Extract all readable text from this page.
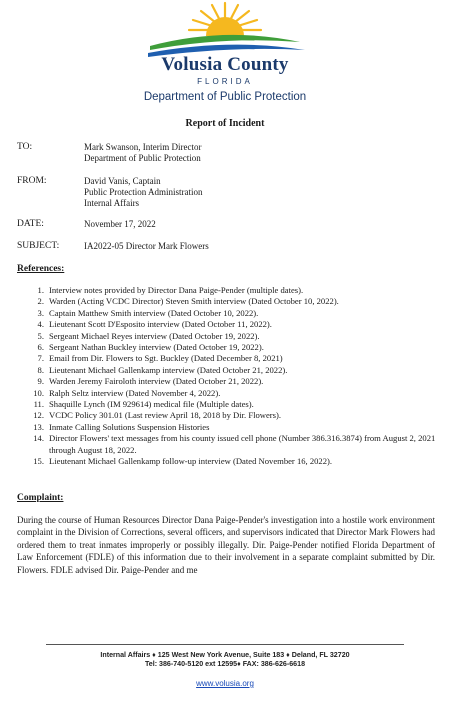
Volusia County
FLORIDA
Department of Public Protection
Report of Incident
TO:	Mark Swanson, Interim Director
Department of Public Protection
FROM:	David Vanis, Captain
Public Protection Administration
Internal Affairs
DATE:	November 17, 2022
SUBJECT:	IA2022-05 Director Mark Flowers
References:
1. Interview notes provided by Director Dana Paige-Pender (multiple dates).
2. Warden (Acting VCDC Director) Steven Smith interview (Dated October 10, 2022).
3. Captain Matthew Smith interview (Dated October 10, 2022).
4. Lieutenant Scott D'Esposito interview (Dated October 11, 2022).
5. Sergeant Michael Reyes interview (Dated October 19, 2022).
6. Sergeant Nathan Buckley interview (Dated October 19, 2022).
7. Email from Dir. Flowers to Sgt. Buckley (Dated December 8, 2021)
8. Lieutenant Michael Gallenkamp interview (Dated October 21, 2022).
9. Warden Jeremy Fairoloth interview (Dated October 21, 2022).
10. Ralph Seltz interview (Dated November 4, 2022).
11. Shaquille Lynch (IM 929614) medical file (Multiple dates).
12. VCDC Policy 301.01 (Last review April 18, 2018 by Dir. Flowers).
13. Inmate Calling Solutions Suspension Histories
14. Director Flowers' text messages from his county issued cell phone (Number 386.316.3874) from August 2, 2021 through August 18, 2022.
15. Lieutenant Michael Gallenkamp follow-up interview (Dated November 16, 2022).
Complaint:
During the course of Human Resources Director Dana Paige-Pender's investigation into a hostile work environment complaint in the Division of Corrections, several officers, and supervisors indicated that Director Mark Flowers had ordered them to treat inmates improperly or possibly illegally. Dir. Paige-Pender notified Florida Department of Law Enforcement (FDLE) of this information due to their involvement in a separate complaint submitted by Dir. Flowers. FDLE advised Dir. Paige-Pender and me
Internal Affairs ♦ 125 West New York Avenue, Suite 183 ♦ Deland, FL 32720
Tel: 386-740-5120 ext 12595♦ FAX: 386-626-6618
www.volusia.org
